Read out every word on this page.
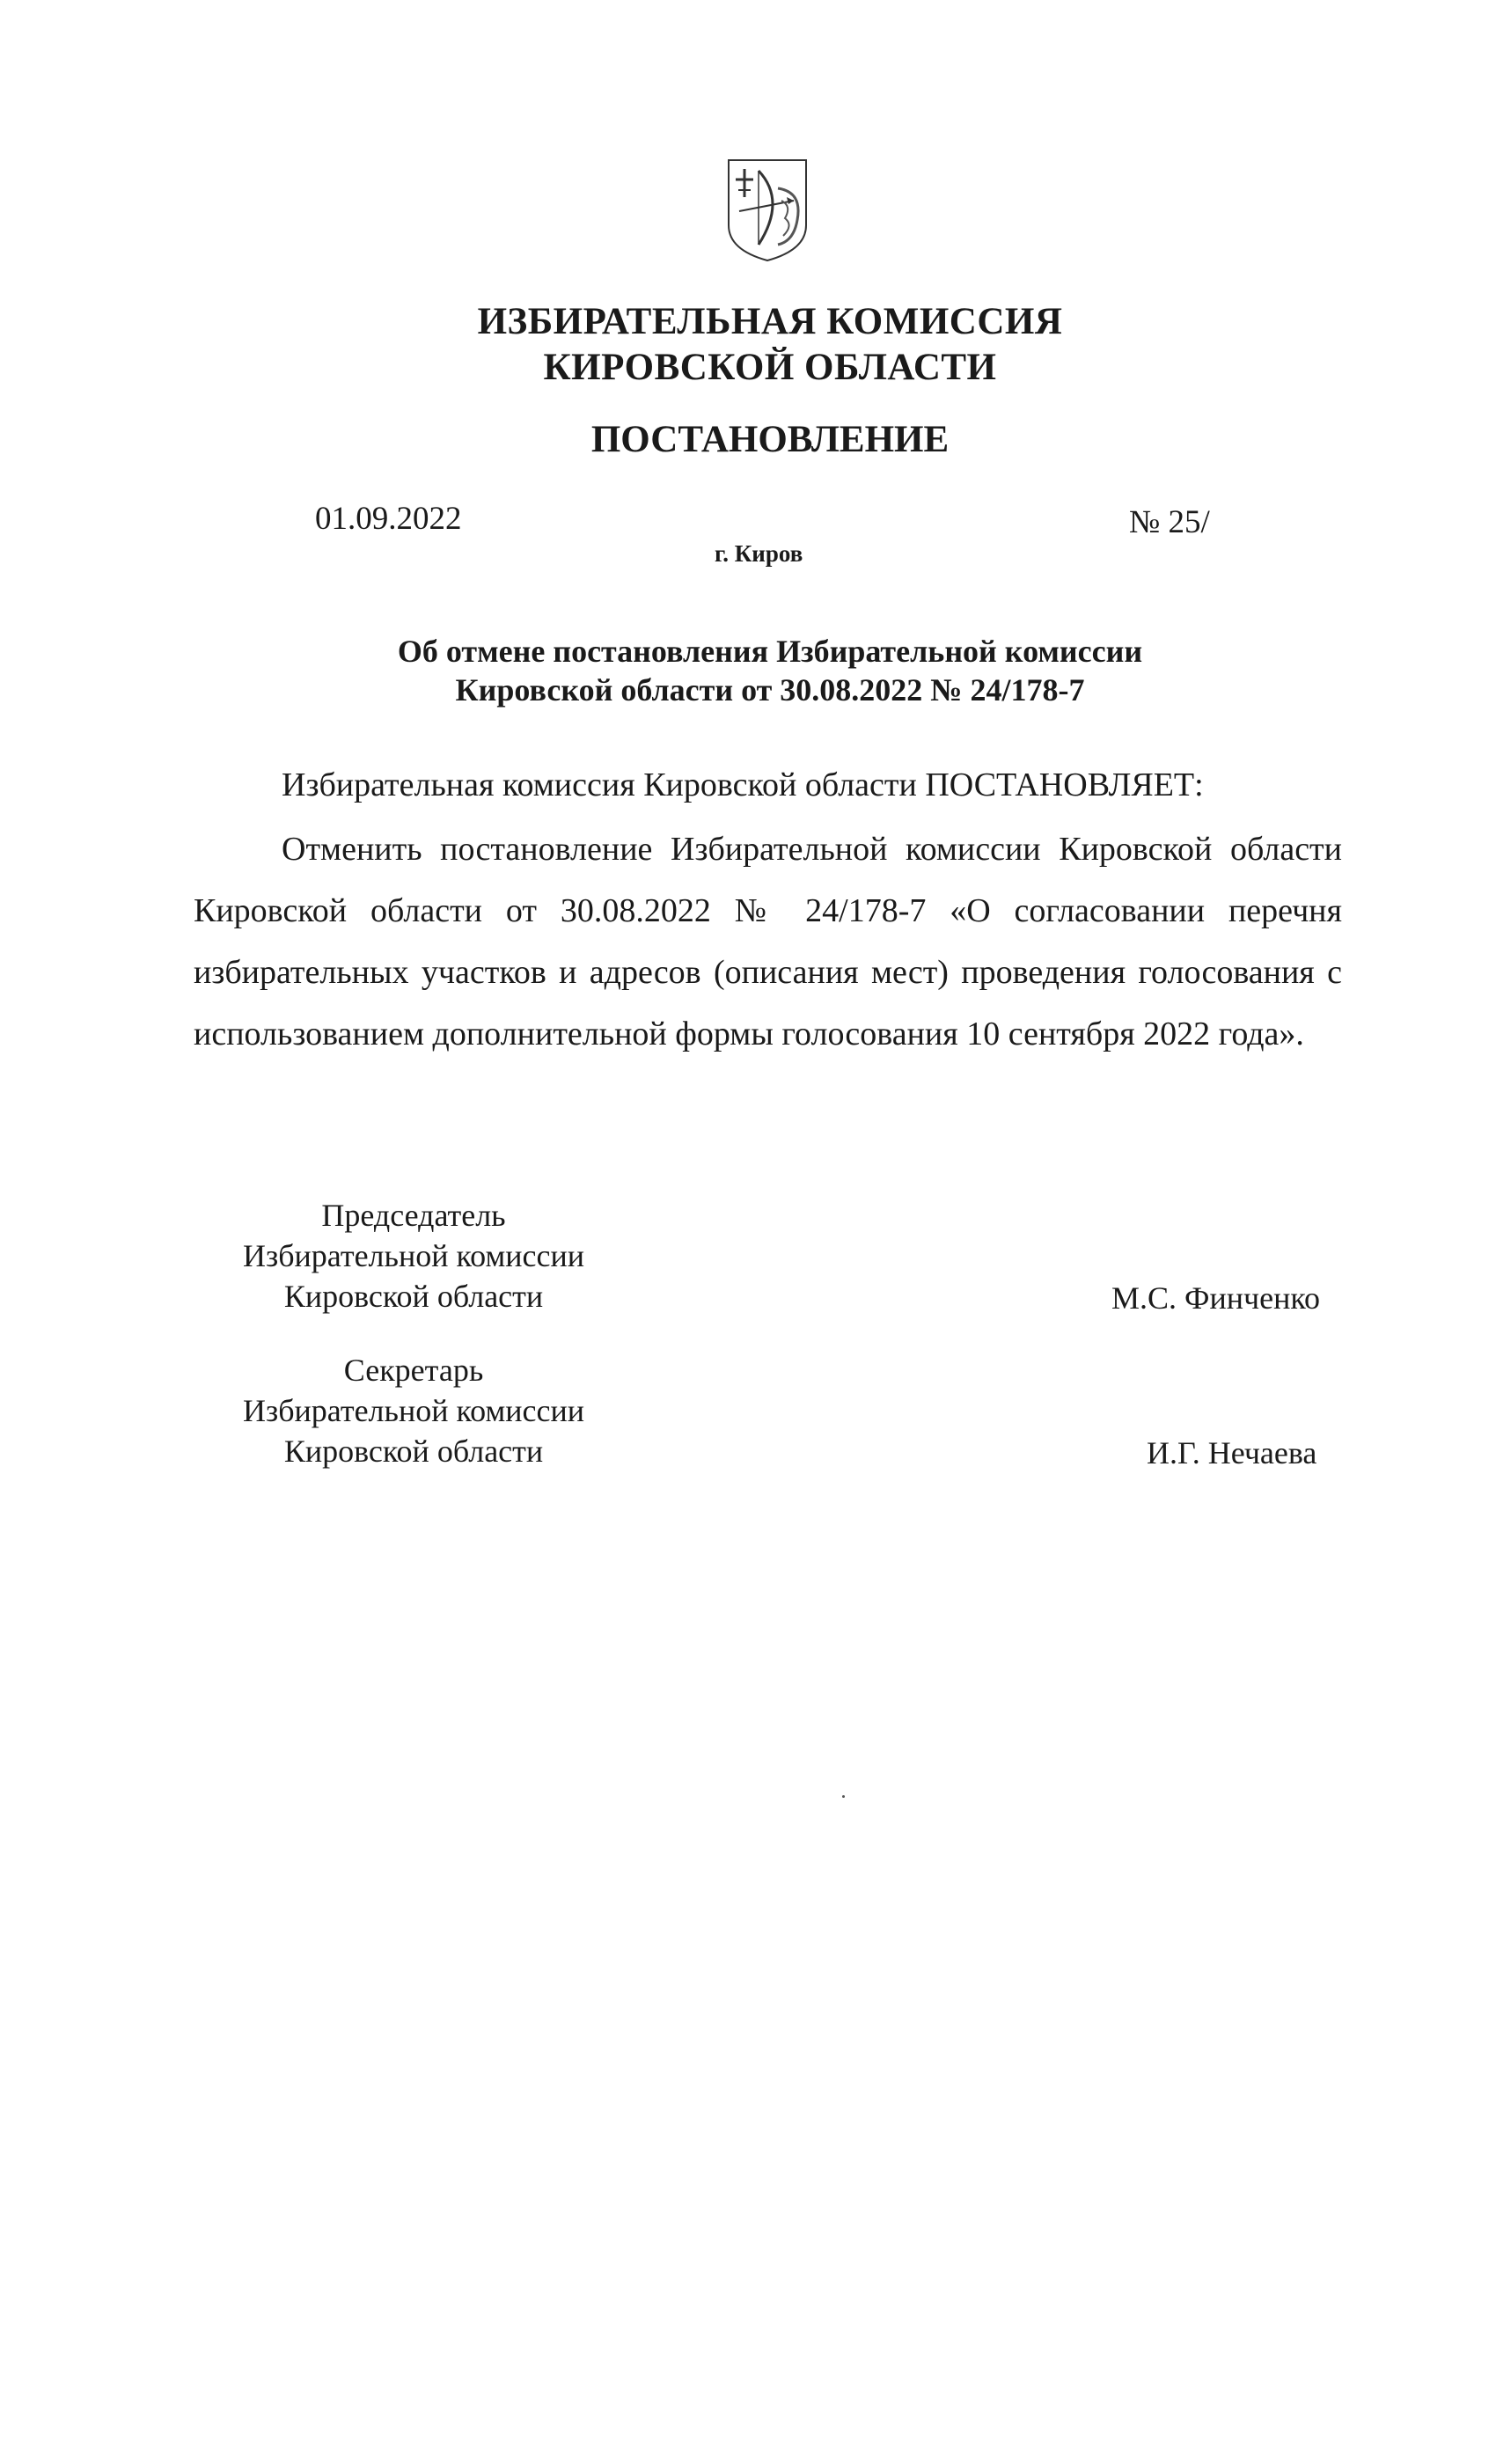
ИЗБИРАТЕЛЬНАЯ КОМИССИЯ
КИРОВСКОЙ ОБЛАСТИ
ПОСТАНОВЛЕНИЕ
01.09.2022	№ 25/
г. Киров
Об отмене постановления Избирательной комиссии
Кировской области от 30.08.2022 № 24/178-7
Избирательная комиссия Кировской области ПОСТАНОВЛЯЕТ:

Отменить постановление Избирательной комиссии Кировской области Кировской области от 30.08.2022 № 24/178-7 «О согласовании перечня избирательных участков и адресов (описания мест) проведения голосования с использованием дополнительной формы голосования 10 сентября 2022 года».

Председатель
Избирательной комиссии
Кировской области	М.С. Финченко
Секретарь
Избирательной комиссии
Кировской области	И.Г. Нечаева
